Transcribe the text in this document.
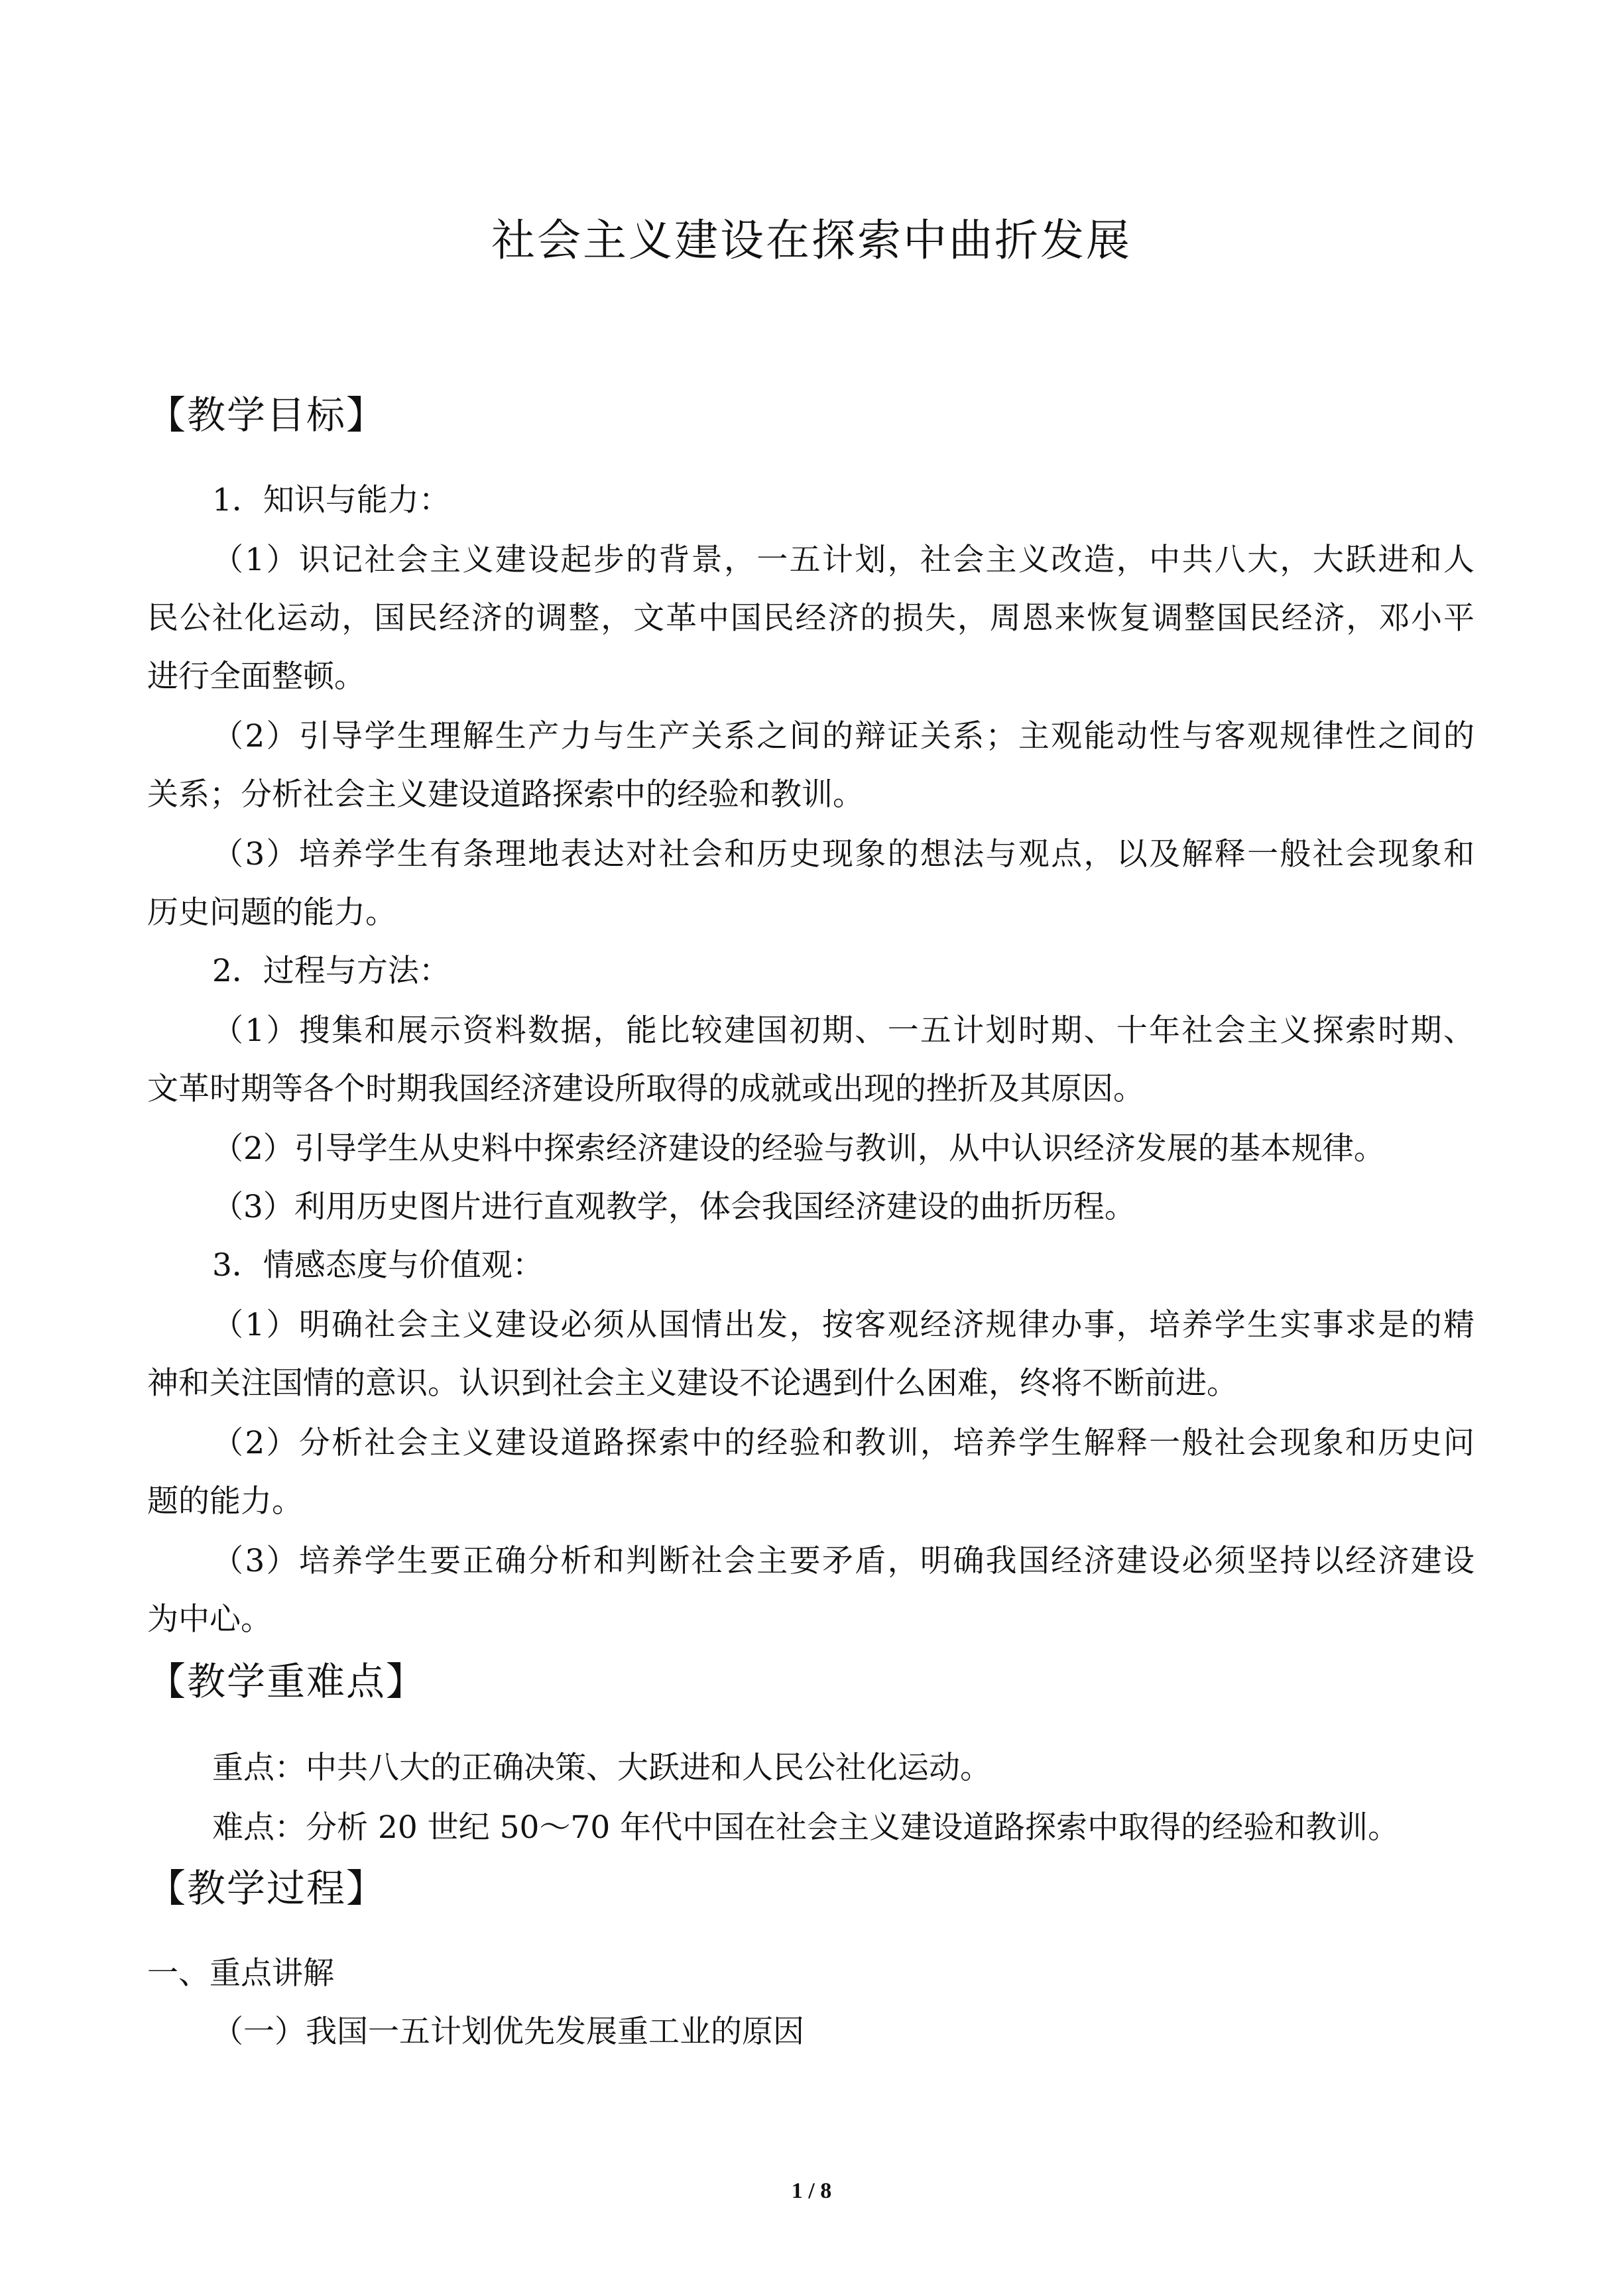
社会主义建设在探索中曲折发展
【教学目标】
1．知识与能力：
（1）识记社会主义建设起步的背景，一五计划，社会主义改造，中共八大，大跃进和人
民公社化运动，国民经济的调整，文革中国民经济的损失，周恩来恢复调整国民经济，邓小平
进行全面整顿。
（2）引导学生理解生产力与生产关系之间的辩证关系；主观能动性与客观规律性之间的
关系；分析社会主义建设道路探索中的经验和教训。
（3）培养学生有条理地表达对社会和历史现象的想法与观点，以及解释一般社会现象和
历史问题的能力。
2．过程与方法：
（1）搜集和展示资料数据，能比较建国初期、一五计划时期、十年社会主义探索时期、
文革时期等各个时期我国经济建设所取得的成就或出现的挫折及其原因。
（2）引导学生从史料中探索经济建设的经验与教训，从中认识经济发展的基本规律。
（3）利用历史图片进行直观教学，体会我国经济建设的曲折历程。
3．情感态度与价值观：
（1）明确社会主义建设必须从国情出发，按客观经济规律办事，培养学生实事求是的精
神和关注国情的意识。认识到社会主义建设不论遇到什么困难，终将不断前进。
（2）分析社会主义建设道路探索中的经验和教训，培养学生解释一般社会现象和历史问
题的能力。
（3）培养学生要正确分析和判断社会主要矛盾，明确我国经济建设必须坚持以经济建设
为中心。
【教学重难点】
重点：中共八大的正确决策、大跃进和人民公社化运动。
难点：分析 20 世纪 50～70 年代中国在社会主义建设道路探索中取得的经验和教训。
【教学过程】
一、重点讲解
（一）我国一五计划优先发展重工业的原因
1 / 8
